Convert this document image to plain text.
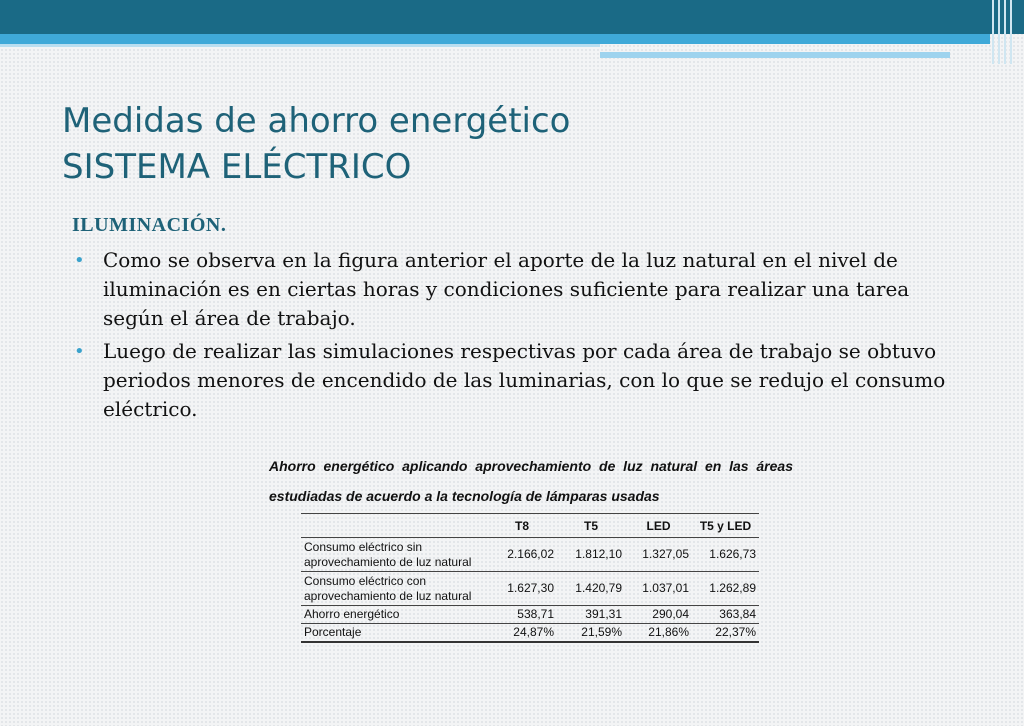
Medidas de ahorro energético
SISTEMA ELÉCTRICO
ILUMINACIÓN.
• Como se observa en la figura anterior el aporte de la luz natural en el nivel de iluminación es en ciertas horas y condiciones suficiente para realizar una tarea según el área de trabajo.
• Luego de realizar las simulaciones respectivas por cada área de trabajo se obtuvo periodos menores de encendido de las luminarias, con lo que se redujo el consumo eléctrico.
Ahorro energético aplicando aprovechamiento de luz natural en las áreas estudiadas de acuerdo a la tecnología de lámparas usadas
	T8	T5	LED	T5 y LED
Consumo eléctrico sin aprovechamiento de luz natural	2.166,02	1.812,10	1.327,05	1.626,73
Consumo eléctrico con aprovechamiento de luz natural	1.627,30	1.420,79	1.037,01	1.262,89
Ahorro energético	538,71	391,31	290,04	363,84
Porcentaje	24,87%	21,59%	21,86%	22,37%
